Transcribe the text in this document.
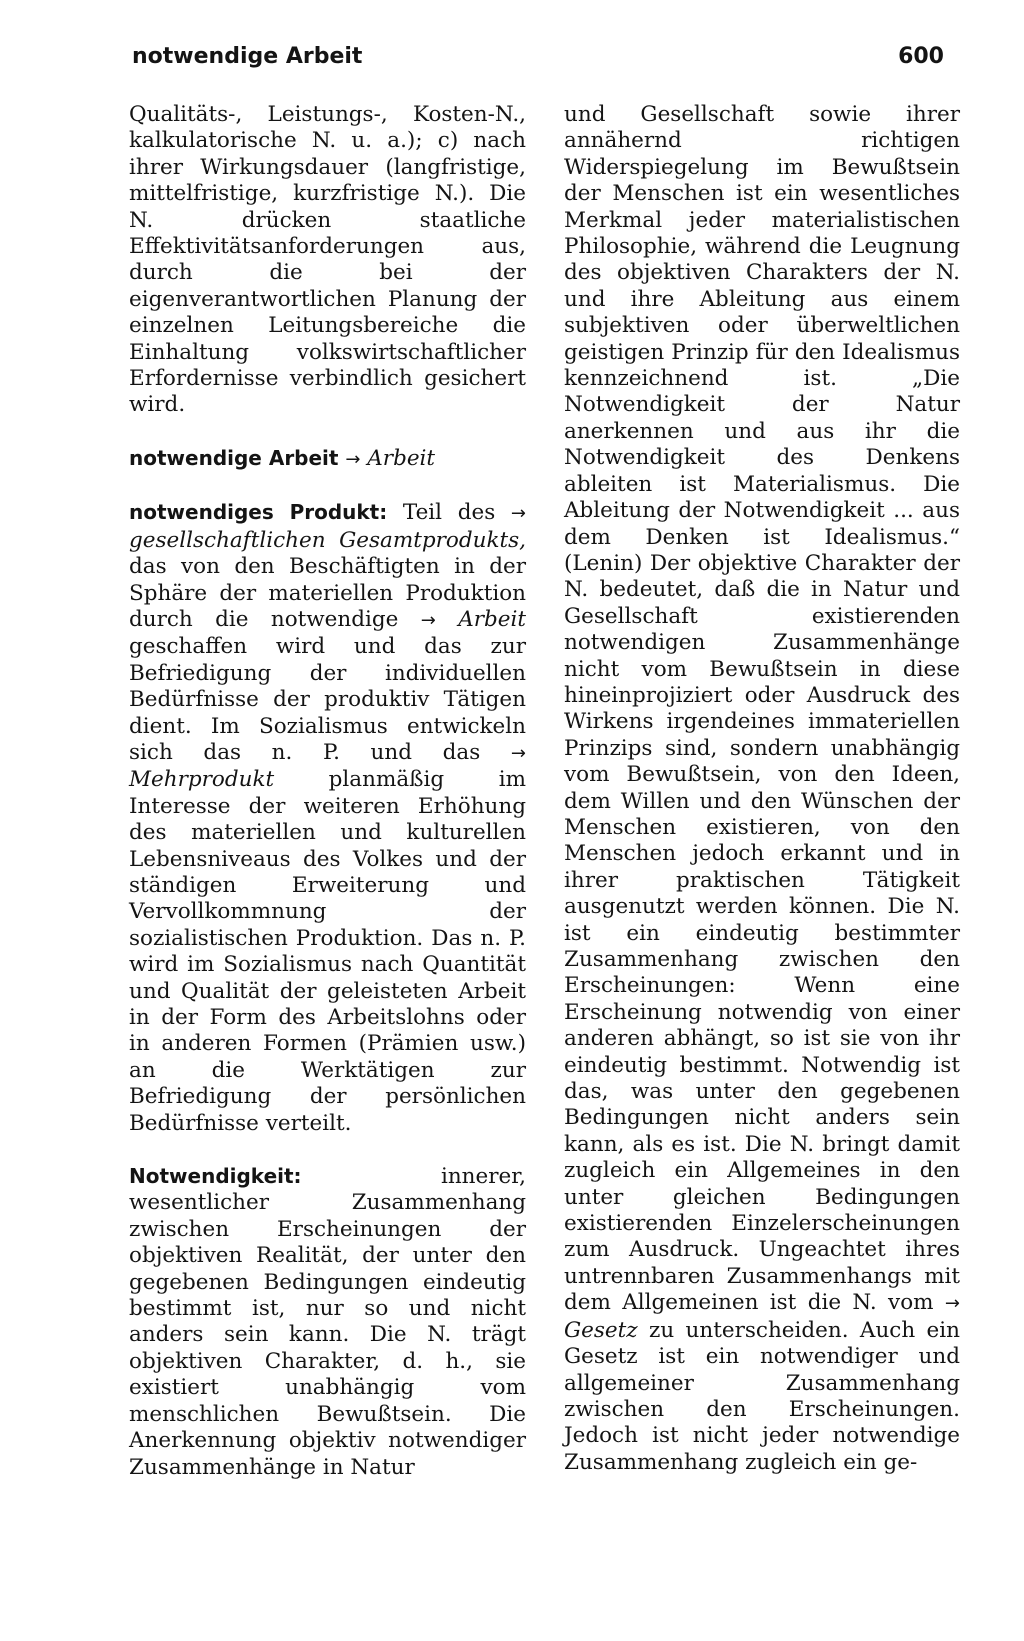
notwendige Arbeit	600

Qualitäts-, Leistungs-, Kosten-N., kalkulatorische N. u. a.); c) nach ihrer Wirkungsdauer (langfristige, mittelfristige, kurzfristige N.). Die N. drücken staatliche Effektivitätsanforderungen aus, durch die bei der eigenverantwortlichen Planung der einzelnen Leitungsbereiche die Einhaltung volkswirtschaftlicher Erfordernisse verbindlich gesichert wird.

notwendige Arbeit → Arbeit

notwendiges Produkt: Teil des → gesellschaftlichen Gesamtprodukts, das von den Beschäftigten in der Sphäre der materiellen Produktion durch die notwendige → Arbeit geschaffen wird und das zur Befriedigung der individuellen Bedürfnisse der produktiv Tätigen dient. Im Sozialismus entwickeln sich das n. P. und das → Mehrprodukt planmäßig im Interesse der weiteren Erhöhung des materiellen und kulturellen Lebensniveaus des Volkes und der ständigen Erweiterung und Vervollkommnung der sozialistischen Produktion. Das n. P. wird im Sozialismus nach Quantität und Qualität der geleisteten Arbeit in der Form des Arbeitslohns oder in anderen Formen (Prämien usw.) an die Werktätigen zur Befriedigung der persönlichen Bedürfnisse verteilt.

Notwendigkeit: innerer, wesentlicher Zusammenhang zwischen Erscheinungen der objektiven Realität, der unter den gegebenen Bedingungen eindeutig bestimmt ist, nur so und nicht anders sein kann. Die N. trägt objektiven Charakter, d. h., sie existiert unabhängig vom menschlichen Bewußtsein. Die Anerkennung objektiv notwendiger Zusammenhänge in Natur

und Gesellschaft sowie ihrer annähernd richtigen Widerspiegelung im Bewußtsein der Menschen ist ein wesentliches Merkmal jeder materialistischen Philosophie, während die Leugnung des objektiven Charakters der N. und ihre Ableitung aus einem subjektiven oder überweltlichen geistigen Prinzip für den Idealismus kennzeichnend ist. „Die Notwendigkeit der Natur anerkennen und aus ihr die Notwendigkeit des Denkens ableiten ist Materialismus. Die Ableitung der Notwendigkeit ... aus dem Denken ist Idealismus.“ (Lenin) Der objektive Charakter der N. bedeutet, daß die in Natur und Gesellschaft existierenden notwendigen Zusammenhänge nicht vom Bewußtsein in diese hineinprojiziert oder Ausdruck des Wirkens irgendeines immateriellen Prinzips sind, sondern unabhängig vom Bewußtsein, von den Ideen, dem Willen und den Wünschen der Menschen existieren, von den Menschen jedoch erkannt und in ihrer praktischen Tätigkeit ausgenutzt werden können. Die N. ist ein eindeutig bestimmter Zusammenhang zwischen den Erscheinungen: Wenn eine Erscheinung notwendig von einer anderen abhängt, so ist sie von ihr eindeutig bestimmt. Notwendig ist das, was unter den gegebenen Bedingungen nicht anders sein kann, als es ist. Die N. bringt damit zugleich ein Allgemeines in den unter gleichen Bedingungen existierenden Einzelerscheinungen zum Ausdruck. Ungeachtet ihres untrennbaren Zusammenhangs mit dem Allgemeinen ist die N. vom → Gesetz zu unterscheiden. Auch ein Gesetz ist ein notwendiger und allgemeiner Zusammenhang zwischen den Erscheinungen. Jedoch ist nicht jeder notwendige Zusammenhang zugleich ein ge-
